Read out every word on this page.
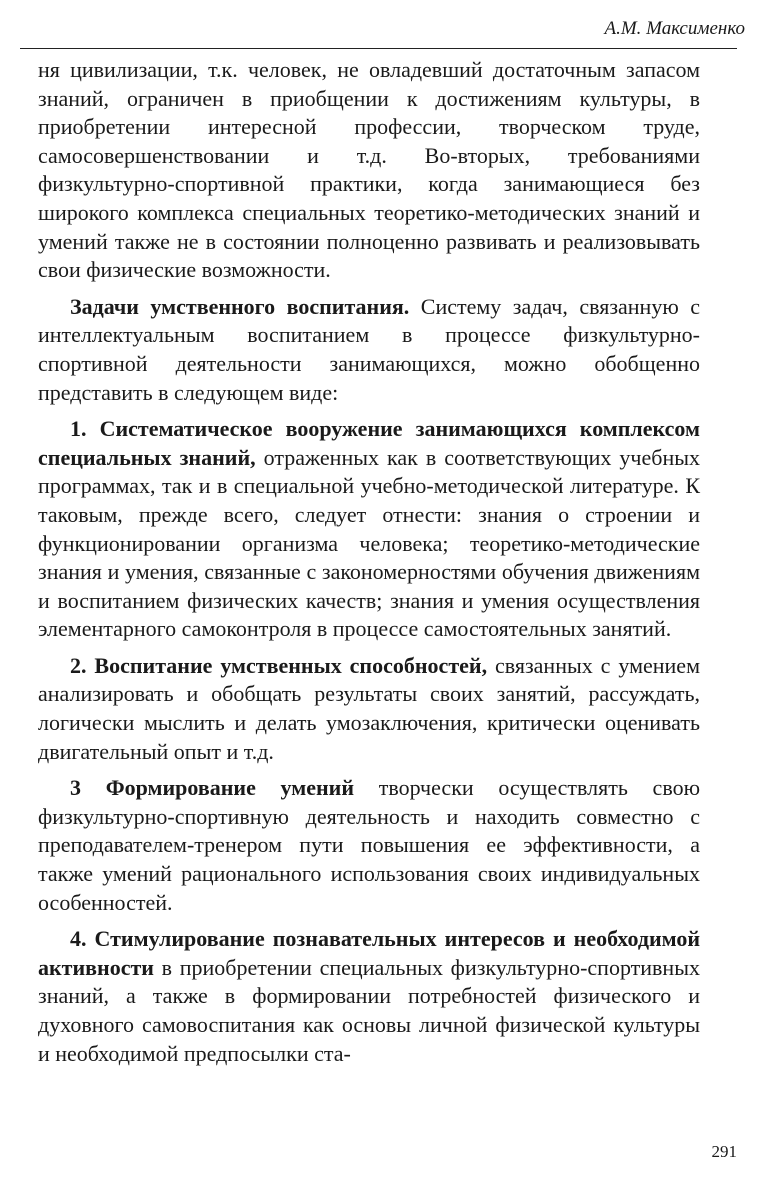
А.М. Максименко

ня цивилизации, т.к. человек, не овладевший достаточным запасом знаний, ограничен в приобщении к достижениям культуры, в приобретении интересной профессии, творческом труде, самосовершенствовании и т.д. Во-вторых, требованиями физкультурно-спортивной практики, когда занимающиеся без широкого комплекса специальных теоретико-методических знаний и умений также не в состоянии полноценно развивать и реализовывать свои физические возможности.

Задачи умственного воспитания. Систему задач, связанную с интеллектуальным воспитанием в процессе физкультурно-спортивной деятельности занимающихся, можно обобщенно представить в следующем виде:

1. Систематическое вооружение занимающихся комплексом специальных знаний, отраженных как в соответствующих учебных программах, так и в специальной учебно-методической литературе. К таковым, прежде всего, следует отнести: знания о строении и функционировании организма человека; теоретико-методические знания и умения, связанные с закономерностями обучения движениям и воспитанием физических качеств; знания и умения осуществления элементарного самоконтроля в процессе самостоятельных занятий.

2. Воспитание умственных способностей, связанных с умением анализировать и обобщать результаты своих занятий, рассуждать, логически мыслить и делать умозаключения, критически оценивать двигательный опыт и т.д.

3 Формирование умений творчески осуществлять свою физкультурно-спортивную деятельность и находить совместно с преподавателем-тренером пути повышения ее эффективности, а также умений рационального использования своих индивидуальных особенностей.

4. Стимулирование познавательных интересов и необходимой активности в приобретении специальных физкультурно-спортивных знаний, а также в формировании потребностей физического и духовного самовоспитания как основы личной физической культуры и необходимой предпосылки ста-

291
